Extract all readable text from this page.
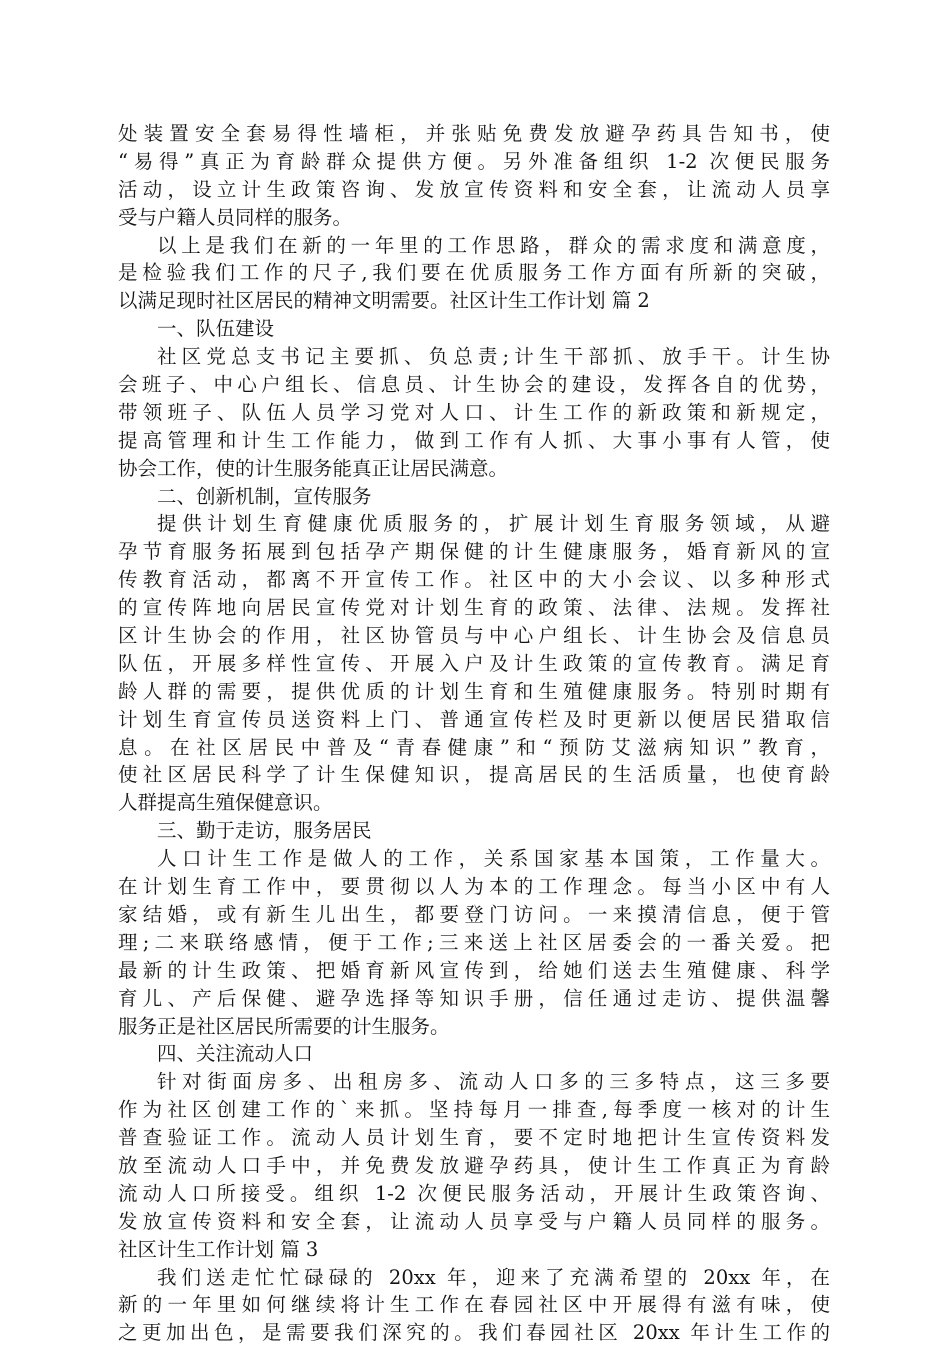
处装置安全套易得性墙柜，并张贴免费发放避孕药具告知书，使
“易得”真正为育龄群众提供方便。另外准备组织 1-2 次便民服务
活动，设立计生政策咨询、发放宣传资料和安全套，让流动人员享
受与户籍人员同样的服务。
以上是我们在新的一年里的工作思路，群众的需求度和满意度，
是检验我们工作的尺子,我们要在优质服务工作方面有所新的突破，
以满足现时社区居民的精神文明需要。社区计生工作计划 篇 2
一、队伍建设
社区党总支书记主要抓、负总责;计生干部抓、放手干。计生协
会班子、中心户组长、信息员、计生协会的建设，发挥各自的优势，
带领班子、队伍人员学习党对人口、计生工作的新政策和新规定，
提高管理和计生工作能力，做到工作有人抓、大事小事有人管，使
协会工作，使的计生服务能真正让居民满意。
二、创新机制，宣传服务
提供计划生育健康优质服务的，扩展计划生育服务领域，从避
孕节育服务拓展到包括孕产期保健的计生健康服务，婚育新风的宣
传教育活动，都离不开宣传工作。社区中的大小会议、以多种形式
的宣传阵地向居民宣传党对计划生育的政策、法律、法规。发挥社
区计生协会的作用，社区协管员与中心户组长、计生协会及信息员
队伍，开展多样性宣传、开展入户及计生政策的宣传教育。满足育
龄人群的需要，提供优质的计划生育和生殖健康服务。特别时期有
计划生育宣传员送资料上门、普通宣传栏及时更新以便居民猎取信
息。在社区居民中普及“青春健康”和“预防艾滋病知识”教育，
使社区居民科学了计生保健知识，提高居民的生活质量，也使育龄
人群提高生殖保健意识。
三、勤于走访，服务居民
人口计生工作是做人的工作，关系国家基本国策，工作量大。
在计划生育工作中，要贯彻以人为本的工作理念。每当小区中有人
家结婚，或有新生儿出生，都要登门访问。一来摸清信息，便于管
理;二来联络感情，便于工作;三来送上社区居委会的一番关爱。把
最新的计生政策、把婚育新风宣传到，给她们送去生殖健康、科学
育儿、产后保健、避孕选择等知识手册，信任通过走访、提供温馨
服务正是社区居民所需要的计生服务。
四、关注流动人口
针对街面房多、出租房多、流动人口多的三多特点，这三多要
作为社区创建工作的`来抓。坚持每月一排查,每季度一核对的计生
普查验证工作。流动人员计划生育，要不定时地把计生宣传资料发
放至流动人口手中，并免费发放避孕药具，使计生工作真正为育龄
流动人口所接受。组织 1-2 次便民服务活动，开展计生政策咨询、
发放宣传资料和安全套，让流动人员享受与户籍人员同样的服务。
社区计生工作计划 篇 3
我们送走忙忙碌碌的 20xx 年，迎来了充满希望的 20xx 年，在
新的一年里如何继续将计生工作在春园社区中开展得有滋有味，使
之更加出色，是需要我们深究的。我们春园社区 20xx 年计生工作的
